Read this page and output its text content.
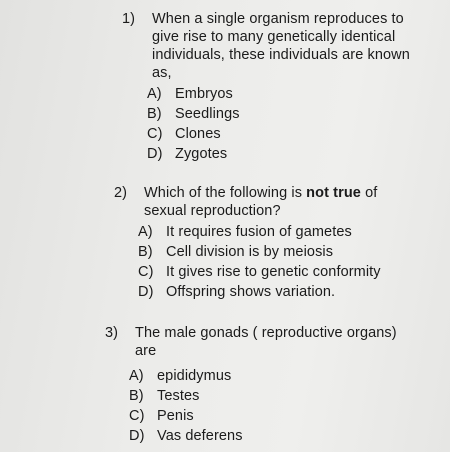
1)	When a single organism reproduces to
give rise to many genetically identical
individuals, these individuals are known
as,
A) Embryos
B) Seedlings
C) Clones
D) Zygotes
2)	Which of the following is not true of
sexual reproduction?
A) It requires fusion of gametes
B) Cell division is by meiosis
C) It gives rise to genetic conformity
D) Offspring shows variation.
3)	The male gonads ( reproductive organs)
are
A) epididymus
B) Testes
C) Penis
D) Vas deferens
